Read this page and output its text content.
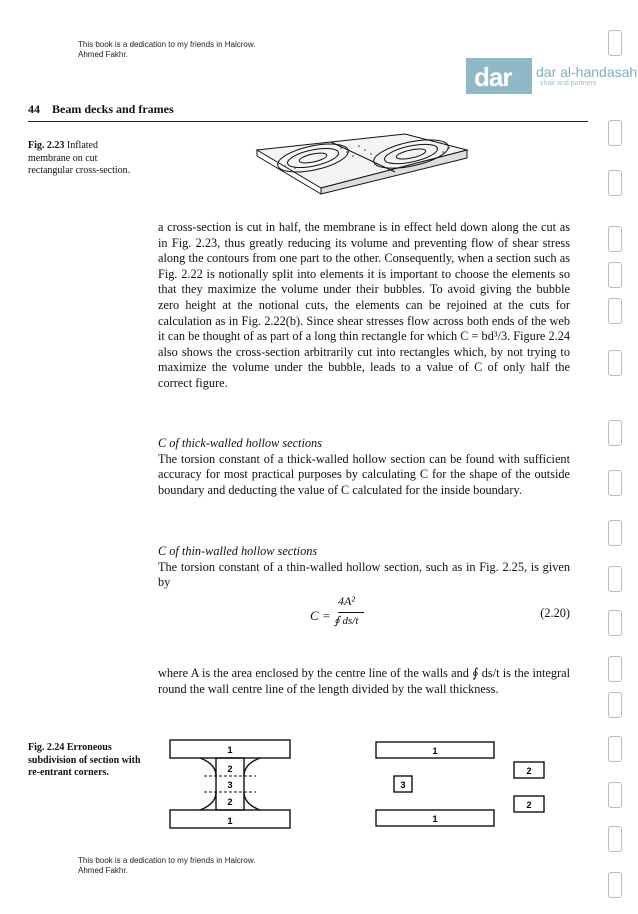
This book is a dedication to my friends in Halcrow.
Ahmed Fakhr.
dar dar al-handasah
shair and partners
44 Beam decks and frames
Fig. 2.23 Inflated membrane on cut rectangular cross-section.

a cross-section is cut in half, the membrane is in effect held down along the cut as in Fig. 2.23, thus greatly reducing its volume and preventing flow of shear stress along the contours from one part to the other. Consequently, when a section such as Fig. 2.22 is notionally split into elements it is important to choose the elements so that they maximize the volume under their bubbles. To avoid giving the bubble zero height at the notional cuts, the elements can be rejoined at the cuts for calculation as in Fig. 2.22(b). Since shear stresses flow across both ends of the web it can be thought of as part of a long thin rectangle for which C = bd³/3. Figure 2.24 also shows the cross-section arbitrarily cut into rectangles which, by not trying to maximize the volume under the bubble, leads to a value of C of only half the correct figure.

C of thick-walled hollow sections

The torsion constant of a thick-walled hollow section can be found with sufficient accuracy for most practical purposes by calculating C for the shape of the outside boundary and deducting the value of C calculated for the inside boundary.

C of thin-walled hollow sections

The torsion constant of a thin-walled hollow section, such as in Fig. 2.25, is given by

C =
4A²
∮ ds/t
(2.20)

where A is the area enclosed by the centre line of the walls and ∮ ds/t is the integral round the wall centre line of the length divided by the wall thickness.

Fig. 2.24 Erroneous subdivision of section with re-entrant corners.
1
2
3
2
1
1
3
1
2
2
This book is a dedication to my friends in Halcrow.
Ahmed Fakhr.
